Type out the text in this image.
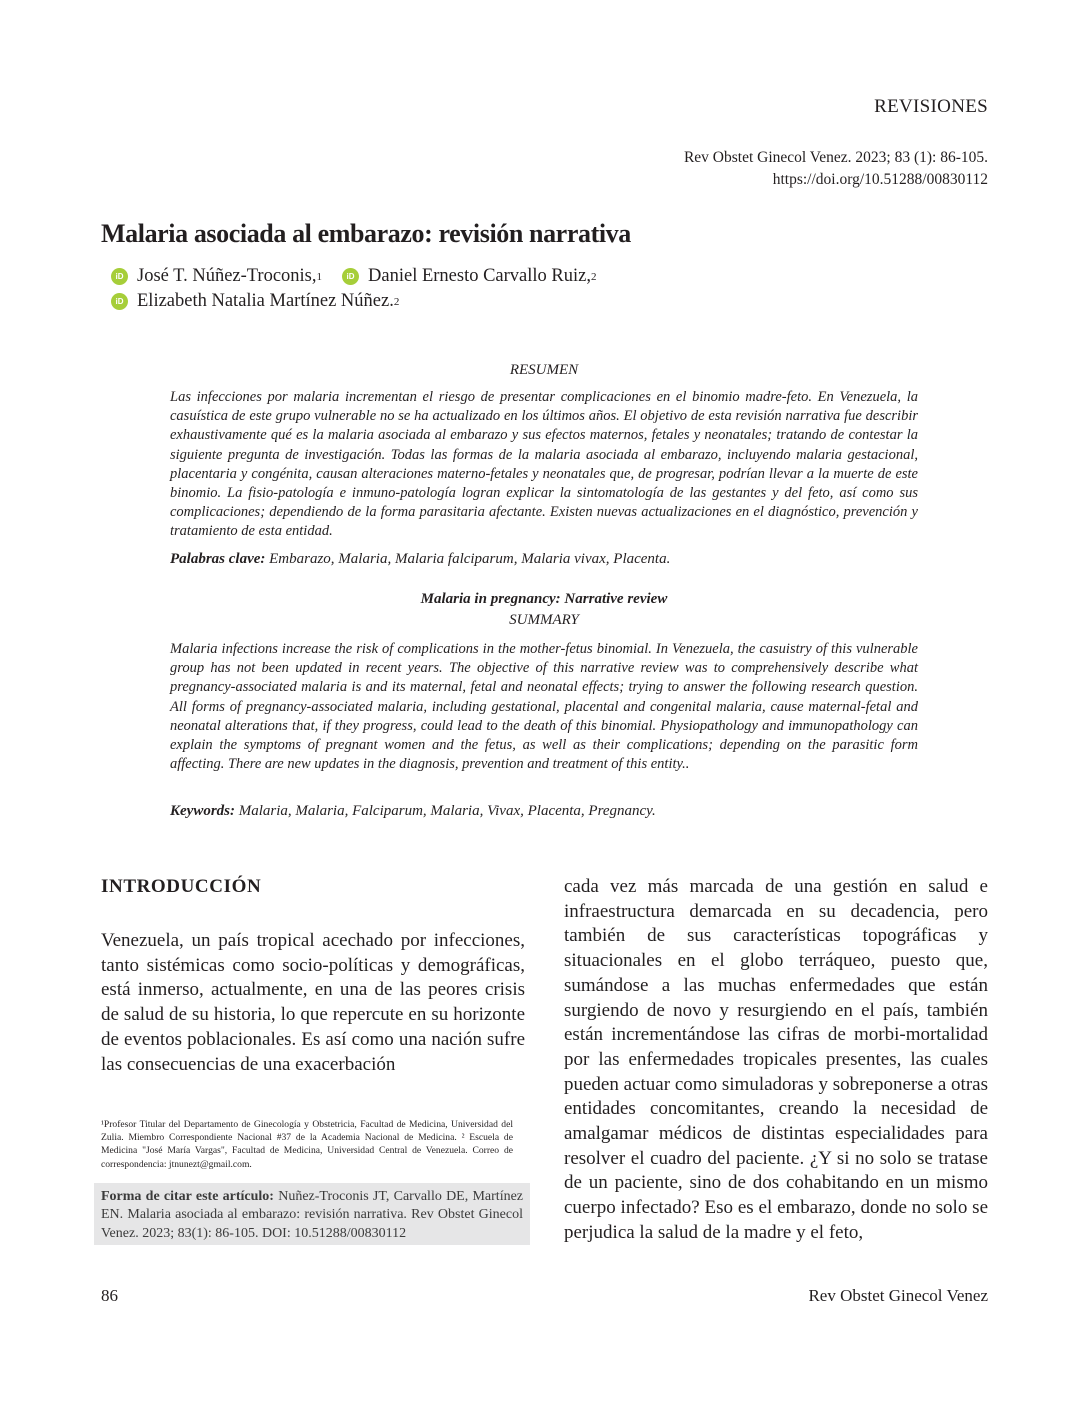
REVISIONES
Rev Obstet Ginecol Venez. 2023; 83 (1): 86-105.
https://doi.org/10.51288/00830112
Malaria asociada al embarazo: revisión narrativa
iD José T. Núñez-Troconis, 1	iD Daniel Ernesto Carvallo Ruiz, 2
iD Elizabeth Natalia Martínez Núñez. 2
RESUMEN
Las infecciones por malaria incrementan el riesgo de presentar complicaciones en el binomio madre-feto. En Venezuela, la casuística de este grupo vulnerable no se ha actualizado en los últimos años. El objetivo de esta revisión narrativa fue describir exhaustivamente qué es la malaria asociada al embarazo y sus efectos maternos, fetales y neonatales; tratando de contestar la siguiente pregunta de investigación. Todas las formas de la malaria asociada al embarazo, incluyendo malaria gestacional, placentaria y congénita, causan alteraciones materno-fetales y neonatales que, de progresar, podrían llevar a la muerte de este binomio. La fisio-patología e inmuno-patología logran explicar la sintomatología de las gestantes y del feto, así como sus complicaciones; dependiendo de la forma parasitaria afectante. Existen nuevas actualizaciones en el diagnóstico, prevención y tratamiento de esta entidad.
Palabras clave: Embarazo, Malaria, Malaria falciparum, Malaria vivax, Placenta.
Malaria in pregnancy: Narrative review
SUMMARY
Malaria infections increase the risk of complications in the mother-fetus binomial. In Venezuela, the casuistry of this vulnerable group has not been updated in recent years. The objective of this narrative review was to comprehensively describe what pregnancy-associated malaria is and its maternal, fetal and neonatal effects; trying to answer the following research question. All forms of pregnancy-associated malaria, including gestational, placental and congenital malaria, cause maternal-fetal and neonatal alterations that, if they progress, could lead to the death of this binomial. Physiopathology and immunopathology can explain the symptoms of pregnant women and the fetus, as well as their complications; depending on the parasitic form affecting. There are new updates in the diagnosis, prevention and treatment of this entity..
Keywords: Malaria, Malaria, Falciparum, Malaria, Vivax, Placenta, Pregnancy.
INTRODUCCIÓN
Venezuela, un país tropical acechado por infecciones, tanto sistémicas como socio-políticas y demográficas, está inmerso, actualmente, en una de las peores crisis de salud de su historia, lo que repercute en su horizonte de eventos poblacionales. Es así como una nación sufre las consecuencias de una exacerbación
cada vez más marcada de una gestión en salud e infraestructura demarcada en su decadencia, pero también de sus características topográficas y situacionales en el globo terráqueo, puesto que, sumándose a las muchas enfermedades que están surgiendo de novo y resurgiendo en el país, también están incrementándose las cifras de morbi-mortalidad por las enfermedades tropicales presentes, las cuales pueden actuar como simuladoras y sobreponerse a otras entidades concomitantes, creando la necesidad de amalgamar médicos de distintas especialidades para resolver el cuadro del paciente. ¿Y si no solo se tratase de un paciente, sino de dos cohabitando en un mismo cuerpo infectado? Eso es el embarazo, donde no solo se perjudica la salud de la madre y el feto,
¹Profesor Titular del Departamento de Ginecología y Obstetricia, Facultad de Medicina, Universidad del Zulia. Miembro Correspondiente Nacional #37 de la Academia Nacional de Medicina. ² Escuela de Medicina "José María Vargas", Facultad de Medicina, Universidad Central de Venezuela. Correo de correspondencia: jtnunezt@gmail.com.
Forma de citar este artículo: Nuñez-Troconis JT, Carvallo DE, Martínez EN. Malaria asociada al embarazo: revisión narrativa. Rev Obstet Ginecol Venez. 2023; 83(1): 86-105. DOI: 10.51288/00830112
86	Rev Obstet Ginecol Venez
